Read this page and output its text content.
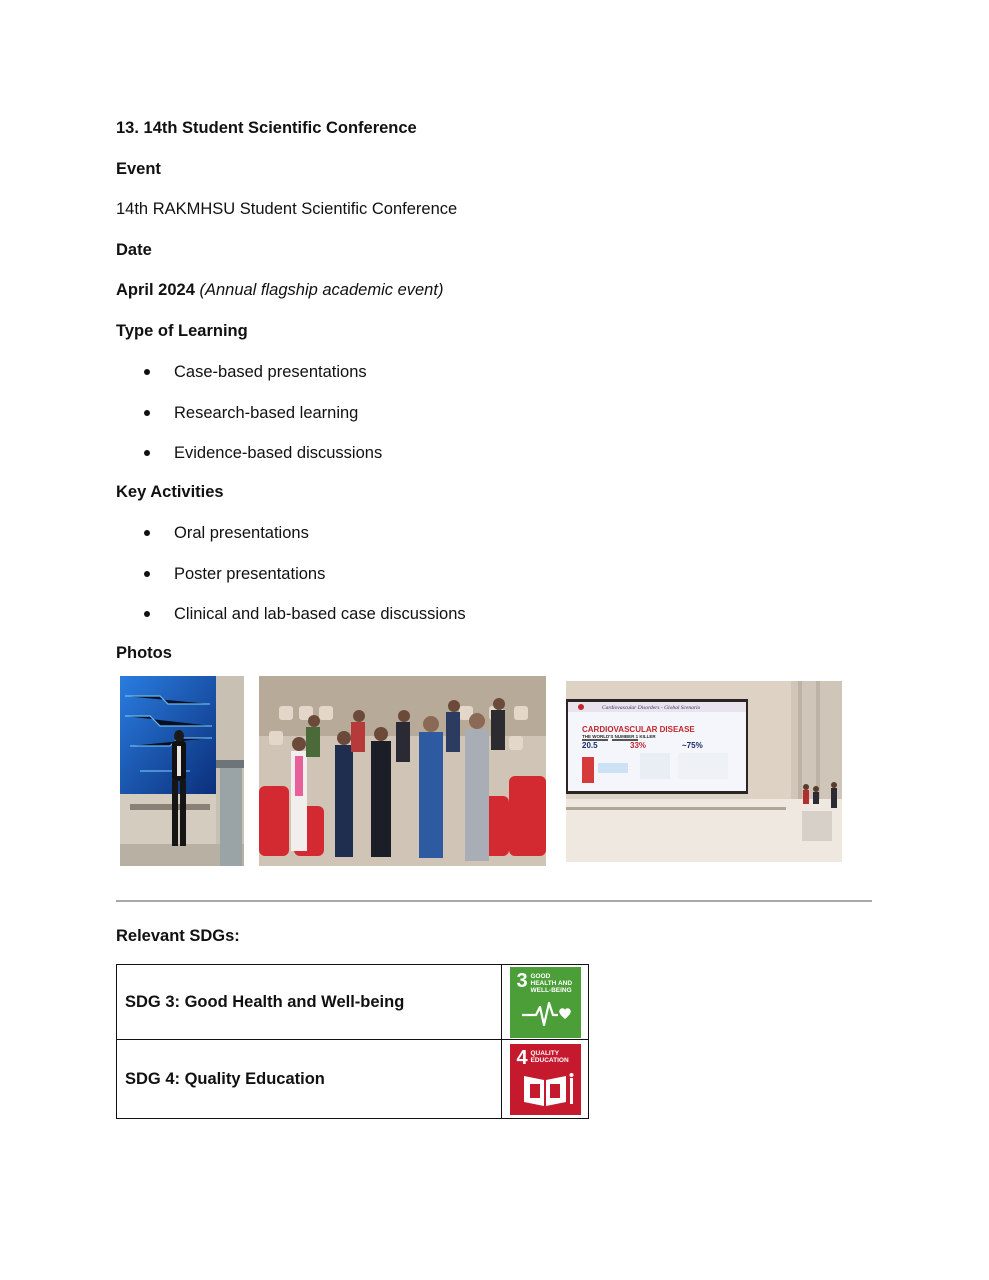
13. 14th Student Scientific Conference
Event
14th RAKMHSU Student Scientific Conference
Date
April 2024 (Annual flagship academic event)
Type of Learning
Case-based presentations
Research-based learning
Evidence-based discussions
Key Activities
Oral presentations
Poster presentations
Clinical and lab-based case discussions
Photos
Cardiovascular Disorders - Global Scenario
CARDIOVASCULAR DISEASE
THE WORLD'S NUMBER 1 KILLER
20.5	33%	~75%
Relevant SDGs:
SDG 3: Good Health and Well-being	3 GOOD HEALTH AND WELL-BEING

SDG 4: Quality Education	4 QUALITY EDUCATION
